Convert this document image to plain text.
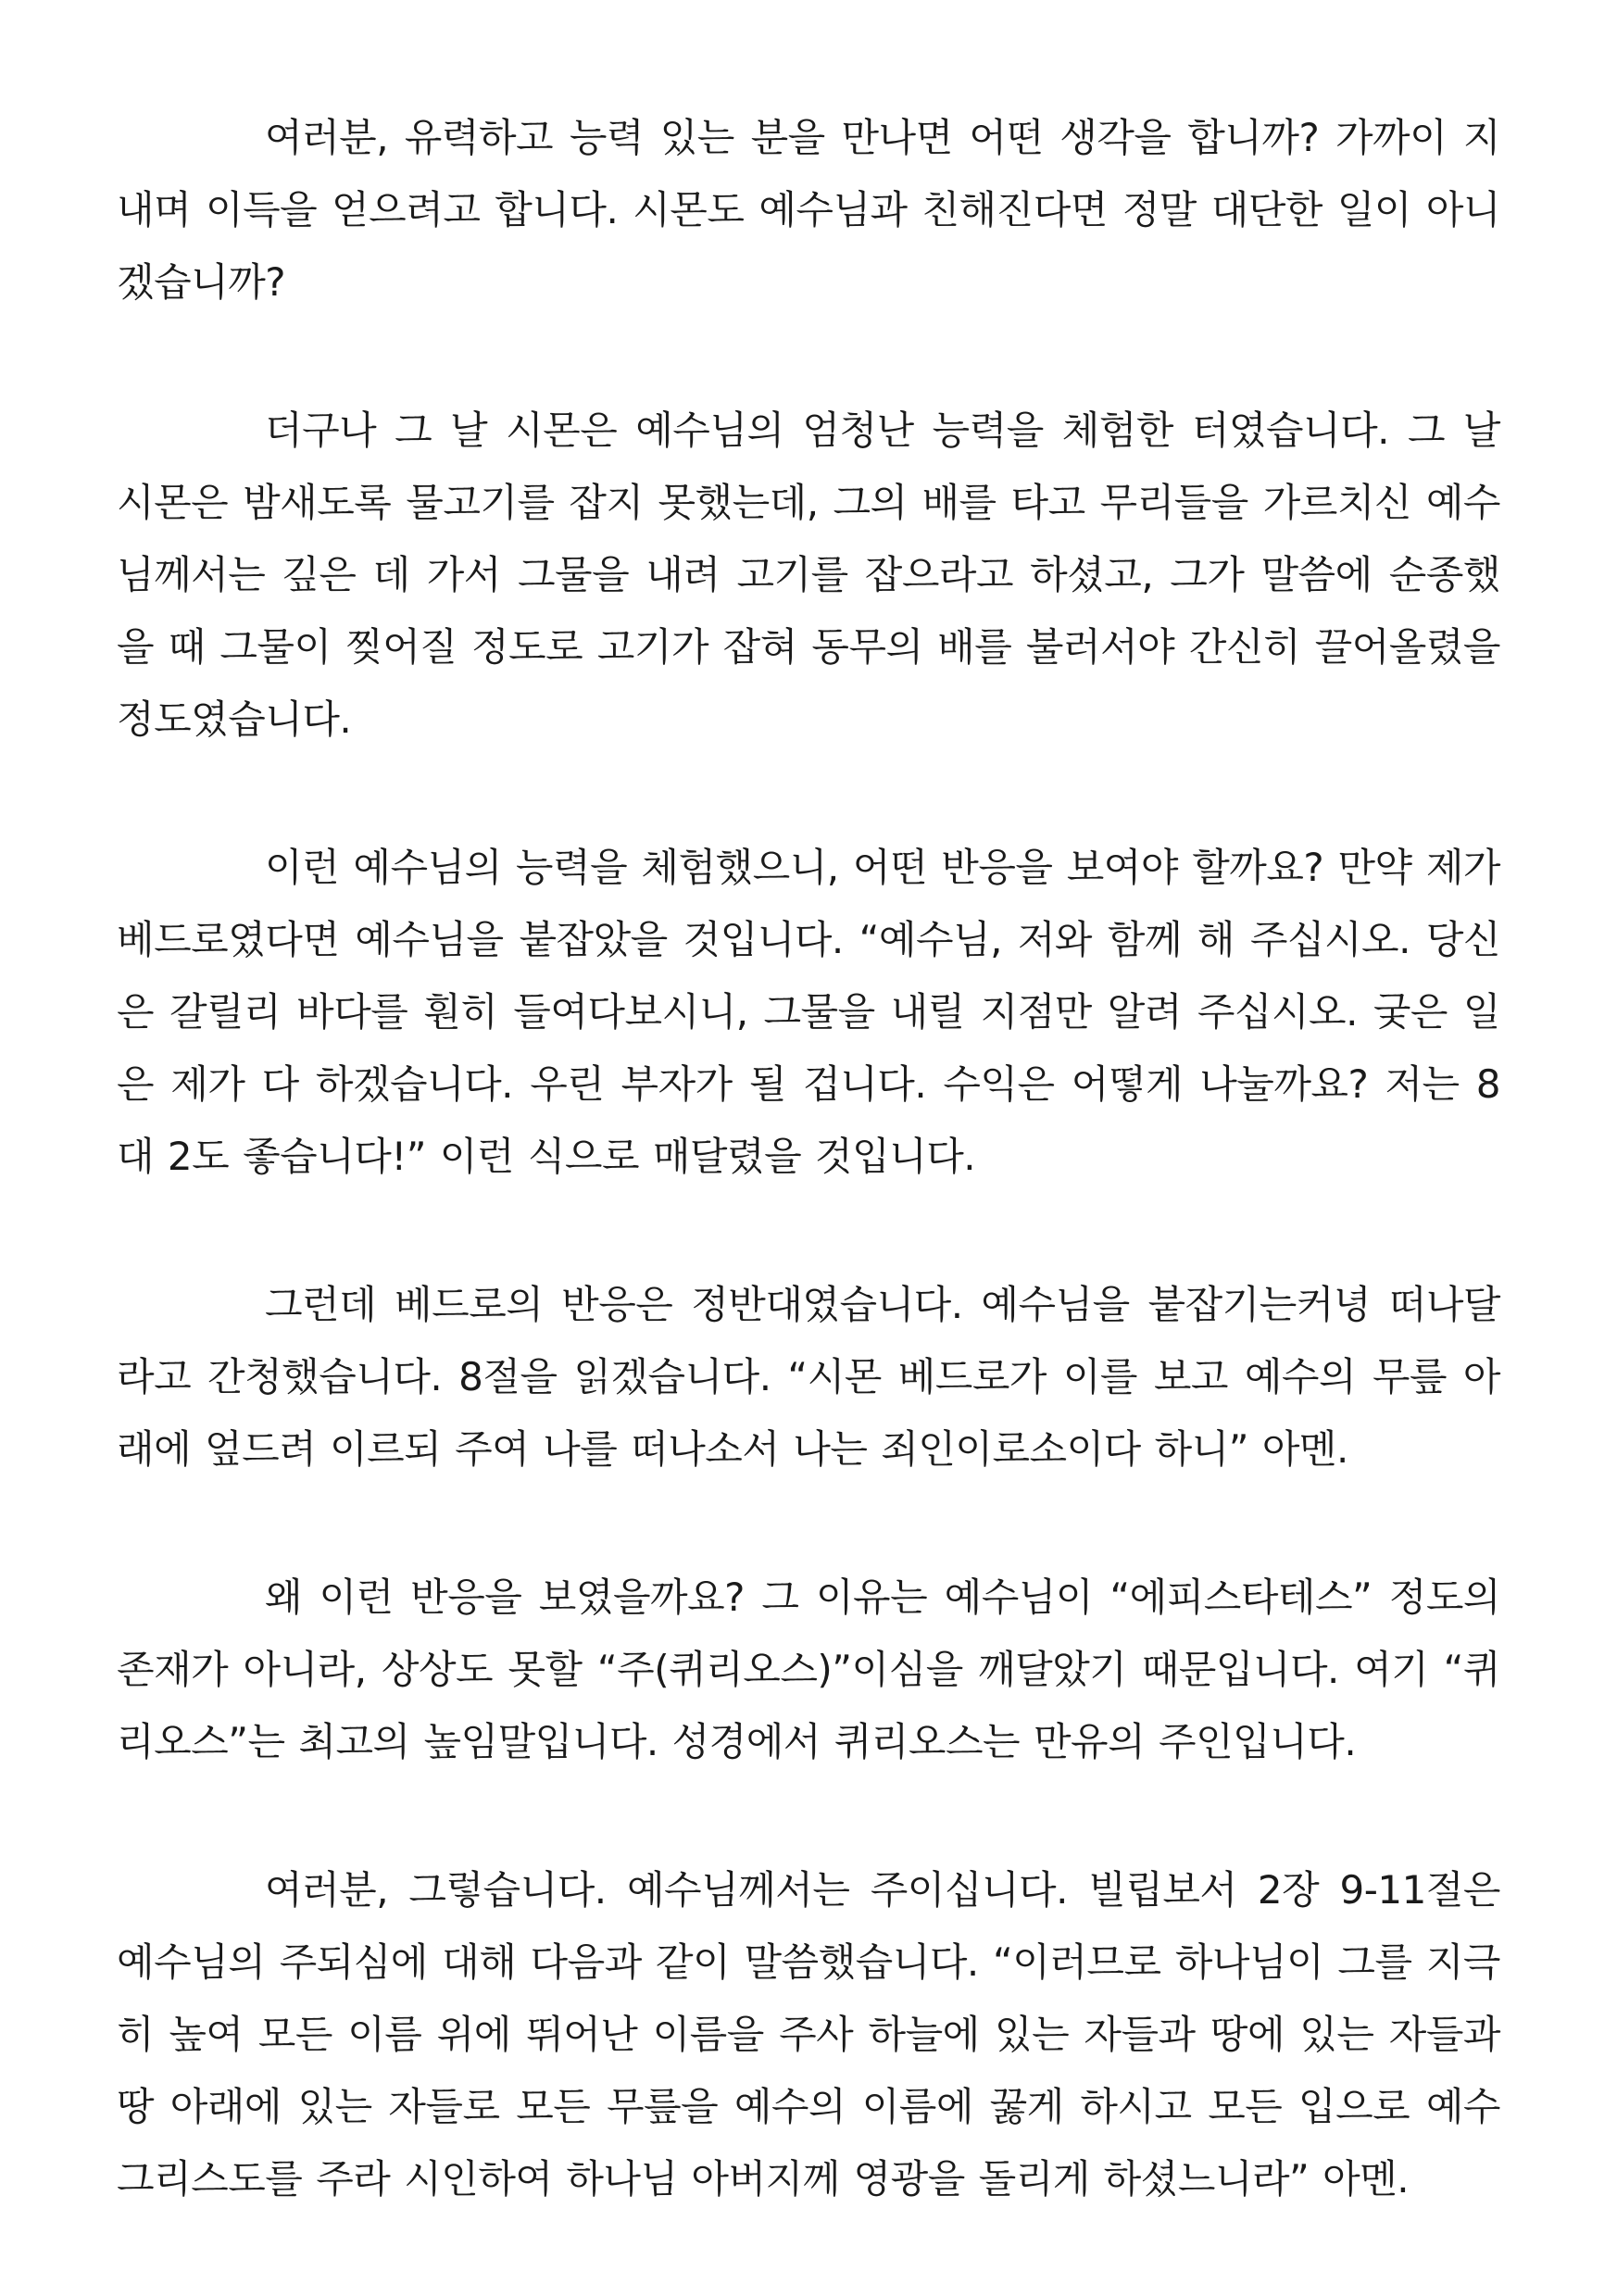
여러분, 유력하고 능력 있는 분을 만나면 어떤 생각을 합니까? 가까이 지내며 이득을 얻으려고 합니다. 시몬도 예수님과 친해진다면 정말 대단한 일이 아니겠습니까?

더구나 그 날 시몬은 예수님의 엄청난 능력을 체험한 터였습니다. 그 날 시몬은 밤새도록 물고기를 잡지 못했는데, 그의 배를 타고 무리들을 가르치신 예수님께서는 깊은 데 가서 그물을 내려 고기를 잡으라고 하셨고, 그가 말씀에 순종했을 때 그물이 찢어질 정도로 고기가 잡혀 동무의 배를 불러서야 간신히 끌어올렸을 정도였습니다.

이런 예수님의 능력을 체험했으니, 어떤 반응을 보여야 할까요? 만약 제가 베드로였다면 예수님을 붙잡았을 것입니다. “예수님, 저와 함께 해 주십시오. 당신은 갈릴리 바다를 훤히 들여다보시니, 그물을 내릴 지점만 알려 주십시오. 궂은 일은 제가 다 하겠습니다. 우린 부자가 될 겁니다. 수익은 어떻게 나눌까요? 저는 8대 2도 좋습니다!” 이런 식으로 매달렸을 것입니다.

그런데 베드로의 반응은 정반대였습니다. 예수님을 붙잡기는커녕 떠나달라고 간청했습니다. 8절을 읽겠습니다. “시몬 베드로가 이를 보고 예수의 무릎 아래에 엎드려 이르되 주여 나를 떠나소서 나는 죄인이로소이다 하니” 아멘.

왜 이런 반응을 보였을까요? 그 이유는 예수님이 “에피스타테스” 정도의 존재가 아니라, 상상도 못할 “주(퀴리오스)”이심을 깨달았기 때문입니다. 여기 “퀴리오스”는 최고의 높임말입니다. 성경에서 퀴리오스는 만유의 주인입니다.

여러분, 그렇습니다. 예수님께서는 주이십니다. 빌립보서 2장 9-11절은 예수님의 주되심에 대해 다음과 같이 말씀했습니다. “이러므로 하나님이 그를 지극히 높여 모든 이름 위에 뛰어난 이름을 주사 하늘에 있는 자들과 땅에 있는 자들과 땅 아래에 있는 자들로 모든 무릎을 예수의 이름에 꿇게 하시고 모든 입으로 예수 그리스도를 주라 시인하여 하나님 아버지께 영광을 돌리게 하셨느니라” 아멘.
